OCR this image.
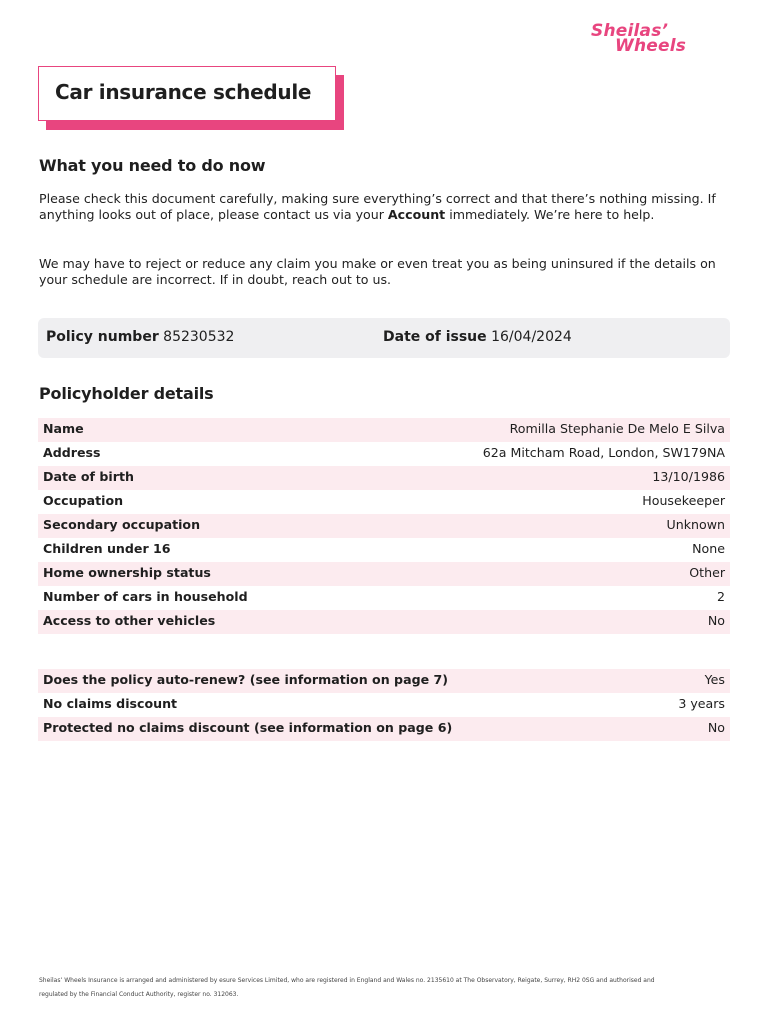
Sheilas’
Wheels
Car insurance schedule
What you need to do now

Please check this document carefully, making sure everything’s correct and that there’s nothing missing. If anything looks out of place, please contact us via your Account immediately. We’re here to help.

We may have to reject or reduce any claim you make or even treat you as being uninsured if the details on your schedule are incorrect. If in doubt, reach out to us.

Policy number 85230532	Date of issue 16/04/2024
Policyholder details
Name	Romilla Stephanie De Melo E Silva
Address	62a Mitcham Road, London, SW179NA
Date of birth	13/10/1986
Occupation	Housekeeper
Secondary occupation	Unknown
Children under 16	None
Home ownership status	Other
Number of cars in household	2
Access to other vehicles	No
Does the policy auto-renew? (see information on page 7)	Yes
No claims discount	3 years
Protected no claims discount (see information on page 6)	No
Sheilas’ Wheels Insurance is arranged and administered by esure Services Limited, who are registered in England and Wales no. 2135610 at The Observatory, Reigate, Surrey, RH2 0SG and authorised and
regulated by the Financial Conduct Authority, register no. 312063.
